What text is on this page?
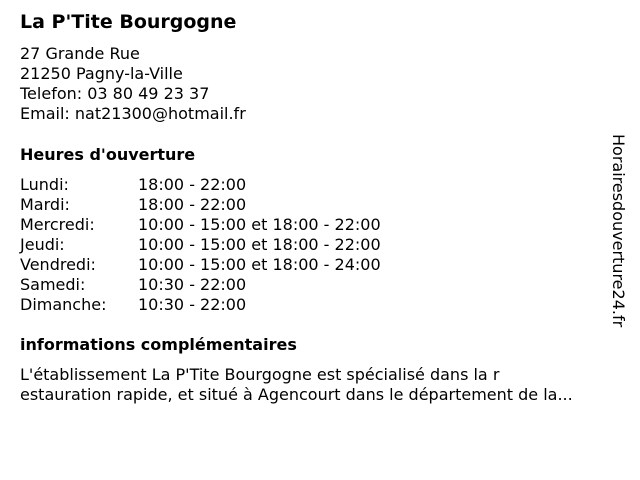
La P'Tite Bourgogne
27 Grande Rue
21250 Pagny-la-Ville
Telefon: 03 80 49 23 37
Email: nat21300@hotmail.fr
Heures d'ouverture
Lundi:	18:00 - 22:00
Mardi:	18:00 - 22:00
Mercredi:	10:00 - 15:00 et 18:00 - 22:00
Jeudi:	10:00 - 15:00 et 18:00 - 22:00
Vendredi:	10:00 - 15:00 et 18:00 - 24:00
Samedi:	10:30 - 22:00
Dimanche:	10:30 - 22:00
informations complémentaires
L'établissement La P'Tite Bourgogne est spécialisé dans la r
estauration rapide, et situé à Agencourt dans le département de la...
Horairesdouverture24.fr
